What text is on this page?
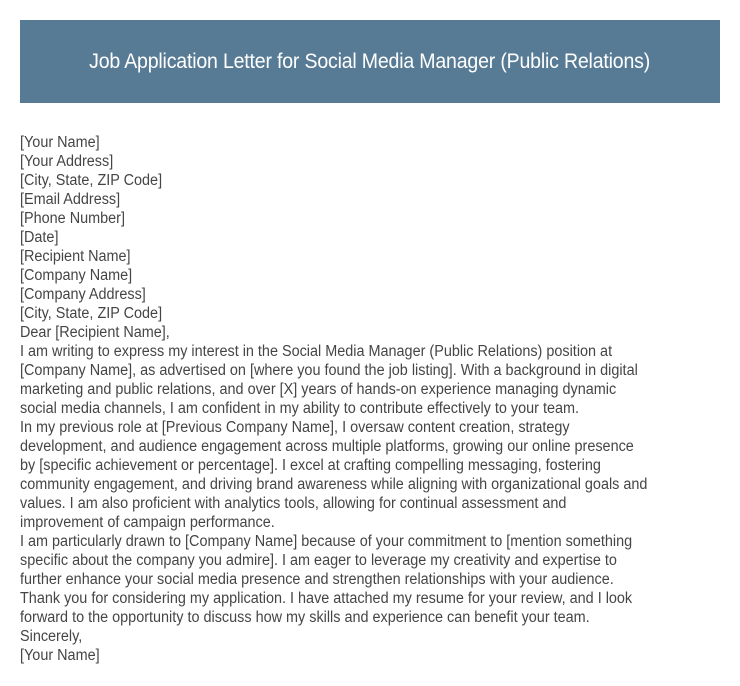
Job Application Letter for Social Media Manager (Public Relations)
[Your Name]
[Your Address]
[City, State, ZIP Code]
[Email Address]
[Phone Number]
[Date]
[Recipient Name]
[Company Name]
[Company Address]
[City, State, ZIP Code]
Dear [Recipient Name],
I am writing to express my interest in the Social Media Manager (Public Relations) position at
[Company Name], as advertised on [where you found the job listing]. With a background in digital
marketing and public relations, and over [X] years of hands-on experience managing dynamic
social media channels, I am confident in my ability to contribute effectively to your team.
In my previous role at [Previous Company Name], I oversaw content creation, strategy
development, and audience engagement across multiple platforms, growing our online presence
by [specific achievement or percentage]. I excel at crafting compelling messaging, fostering
community engagement, and driving brand awareness while aligning with organizational goals and
values. I am also proficient with analytics tools, allowing for continual assessment and
improvement of campaign performance.
I am particularly drawn to [Company Name] because of your commitment to [mention something
specific about the company you admire]. I am eager to leverage my creativity and expertise to
further enhance your social media presence and strengthen relationships with your audience.
Thank you for considering my application. I have attached my resume for your review, and I look
forward to the opportunity to discuss how my skills and experience can benefit your team.
Sincerely,
[Your Name]
